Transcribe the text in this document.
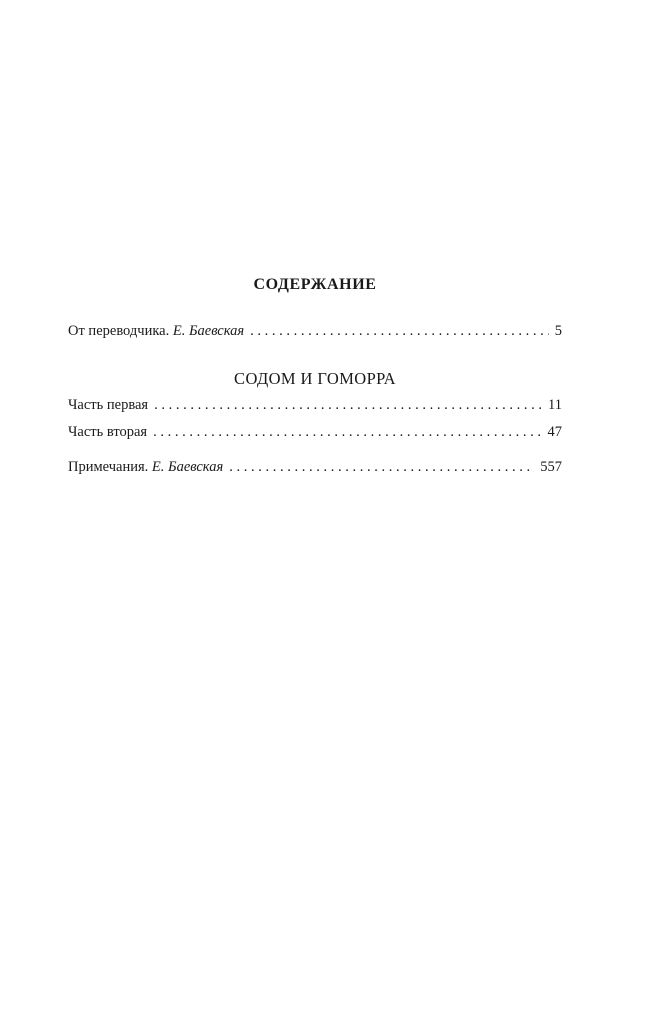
СОДЕРЖАНИЕ
От переводчика. Е. Баевская . . .	5
СОДОМ И ГОМОРРА
Часть первая . . .	11
Часть вторая . . .	47
Примечания. Е. Баевская . . .	557
